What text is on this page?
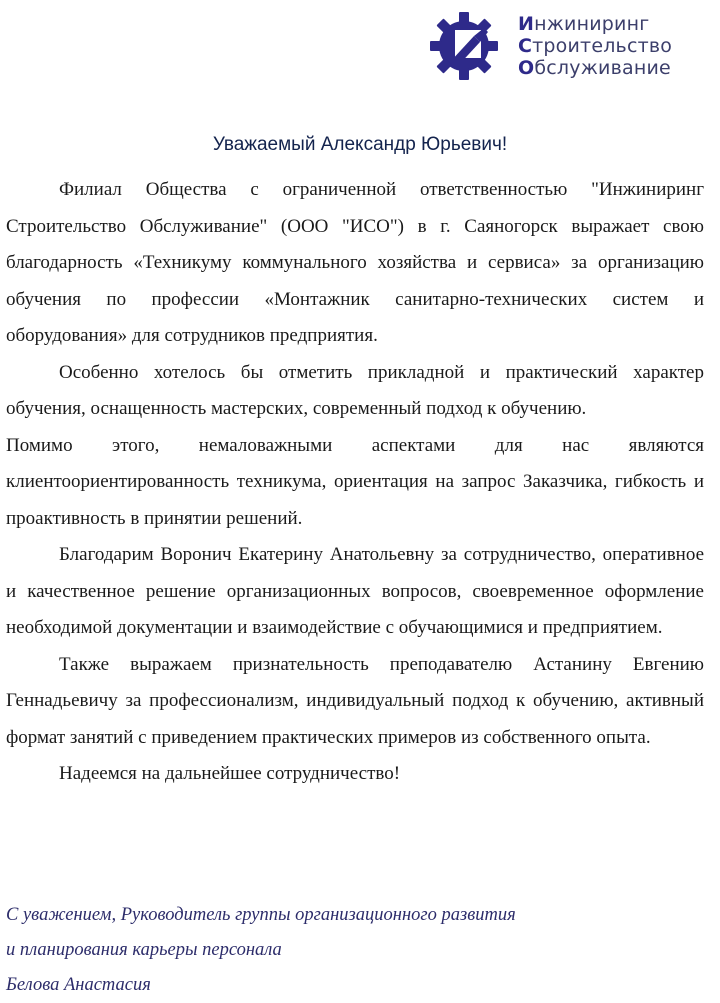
Инжиниринг
Строительство
Обслуживание
Уважаемый Александр Юрьевич!

Филиал Общества с ограниченной ответственностью "Инжиниринг Строительство Обслуживание" (ООО "ИСО") в г. Саяногорск выражает свою благодарность «Техникуму коммунального хозяйства и сервиса» за организацию обучения по профессии «Монтажник санитарно-технических систем и оборудования» для сотрудников предприятия.

Особенно хотелось бы отметить прикладной и практический характер обучения, оснащенность мастерских, современный подход к обучению.

Помимо этого, немаловажными аспектами для нас являются клиентоориентированность техникума, ориентация на запрос Заказчика, гибкость и проактивность в принятии решений.

Благодарим Воронич Екатерину Анатольевну за сотрудничество, оперативное и качественное решение организационных вопросов, своевременное оформление необходимой документации и взаимодействие с обучающимися и предприятием.

Также выражаем признательность преподавателю Астанину Евгению Геннадьевичу за профессионализм, индивидуальный подход к обучению, активный формат занятий с приведением практических примеров из собственного опыта.

Надеемся на дальнейшее сотрудничество!

С уважением, Руководитель группы организационного развития
и планирования карьеры персонала
Белова Анастасия
